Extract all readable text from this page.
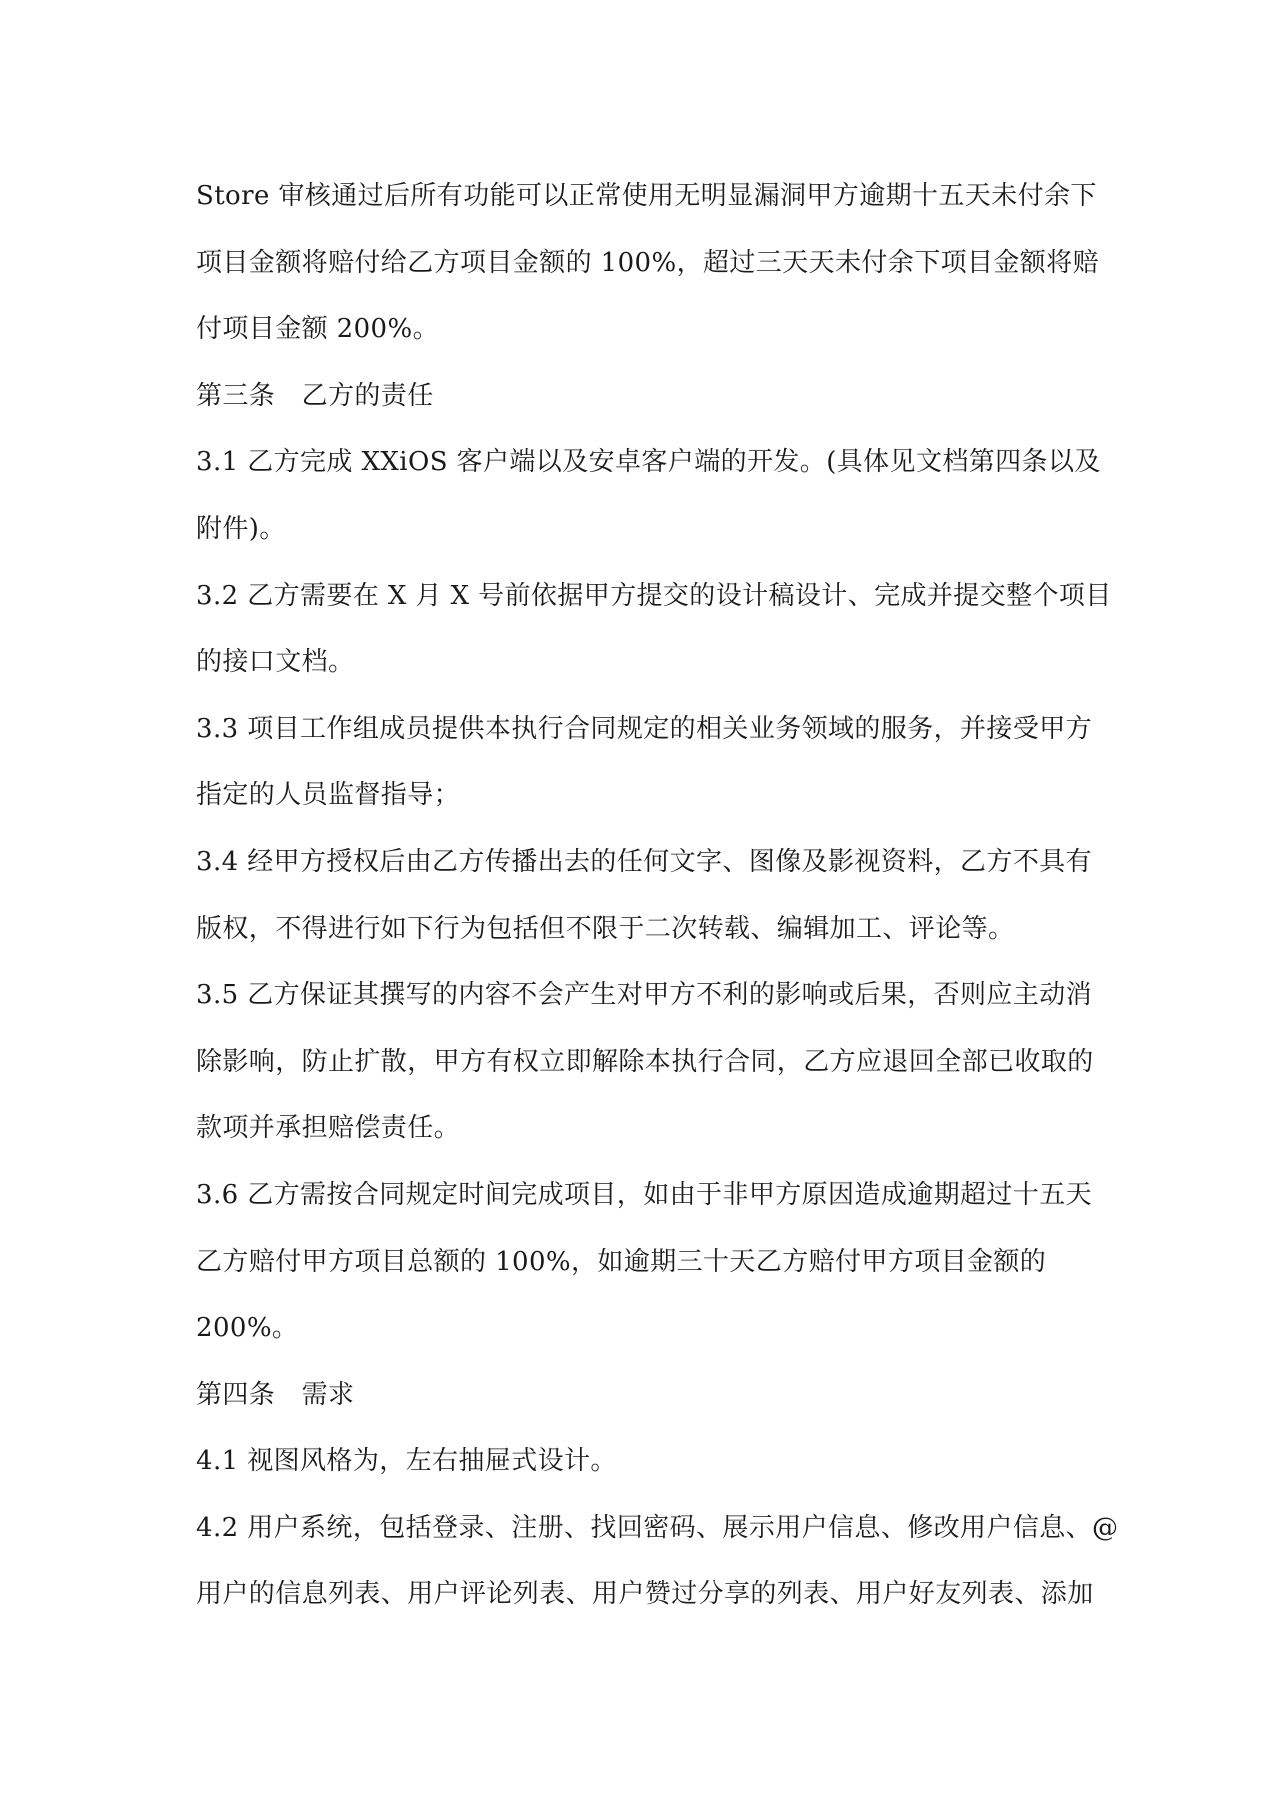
Store 审核通过后所有功能可以正常使用无明显漏洞甲方逾期十五天未付余下
项目金额将赔付给乙方项目金额的 100%，超过三天天未付余下项目金额将赔
付项目金额 200%。
第三条　乙方的责任
3.1 乙方完成 XXiOS 客户端以及安卓客户端的开发。(具体见文档第四条以及
附件)。
3.2 乙方需要在 X 月 X 号前依据甲方提交的设计稿设计、完成并提交整个项目
的接口文档。
3.3 项目工作组成员提供本执行合同规定的相关业务领域的服务，并接受甲方
指定的人员监督指导；
3.4 经甲方授权后由乙方传播出去的任何文字、图像及影视资料，乙方不具有
版权，不得进行如下行为包括但不限于二次转载、编辑加工、评论等。
3.5 乙方保证其撰写的内容不会产生对甲方不利的影响或后果，否则应主动消
除影响，防止扩散，甲方有权立即解除本执行合同，乙方应退回全部已收取的
款项并承担赔偿责任。
3.6 乙方需按合同规定时间完成项目，如由于非甲方原因造成逾期超过十五天
乙方赔付甲方项目总额的 100%，如逾期三十天乙方赔付甲方项目金额的
200%。
第四条　需求
4.1 视图风格为，左右抽屉式设计。
4.2 用户系统，包括登录、注册、找回密码、展示用户信息、修改用户信息、@
用户的信息列表、用户评论列表、用户赞过分享的列表、用户好友列表、添加
